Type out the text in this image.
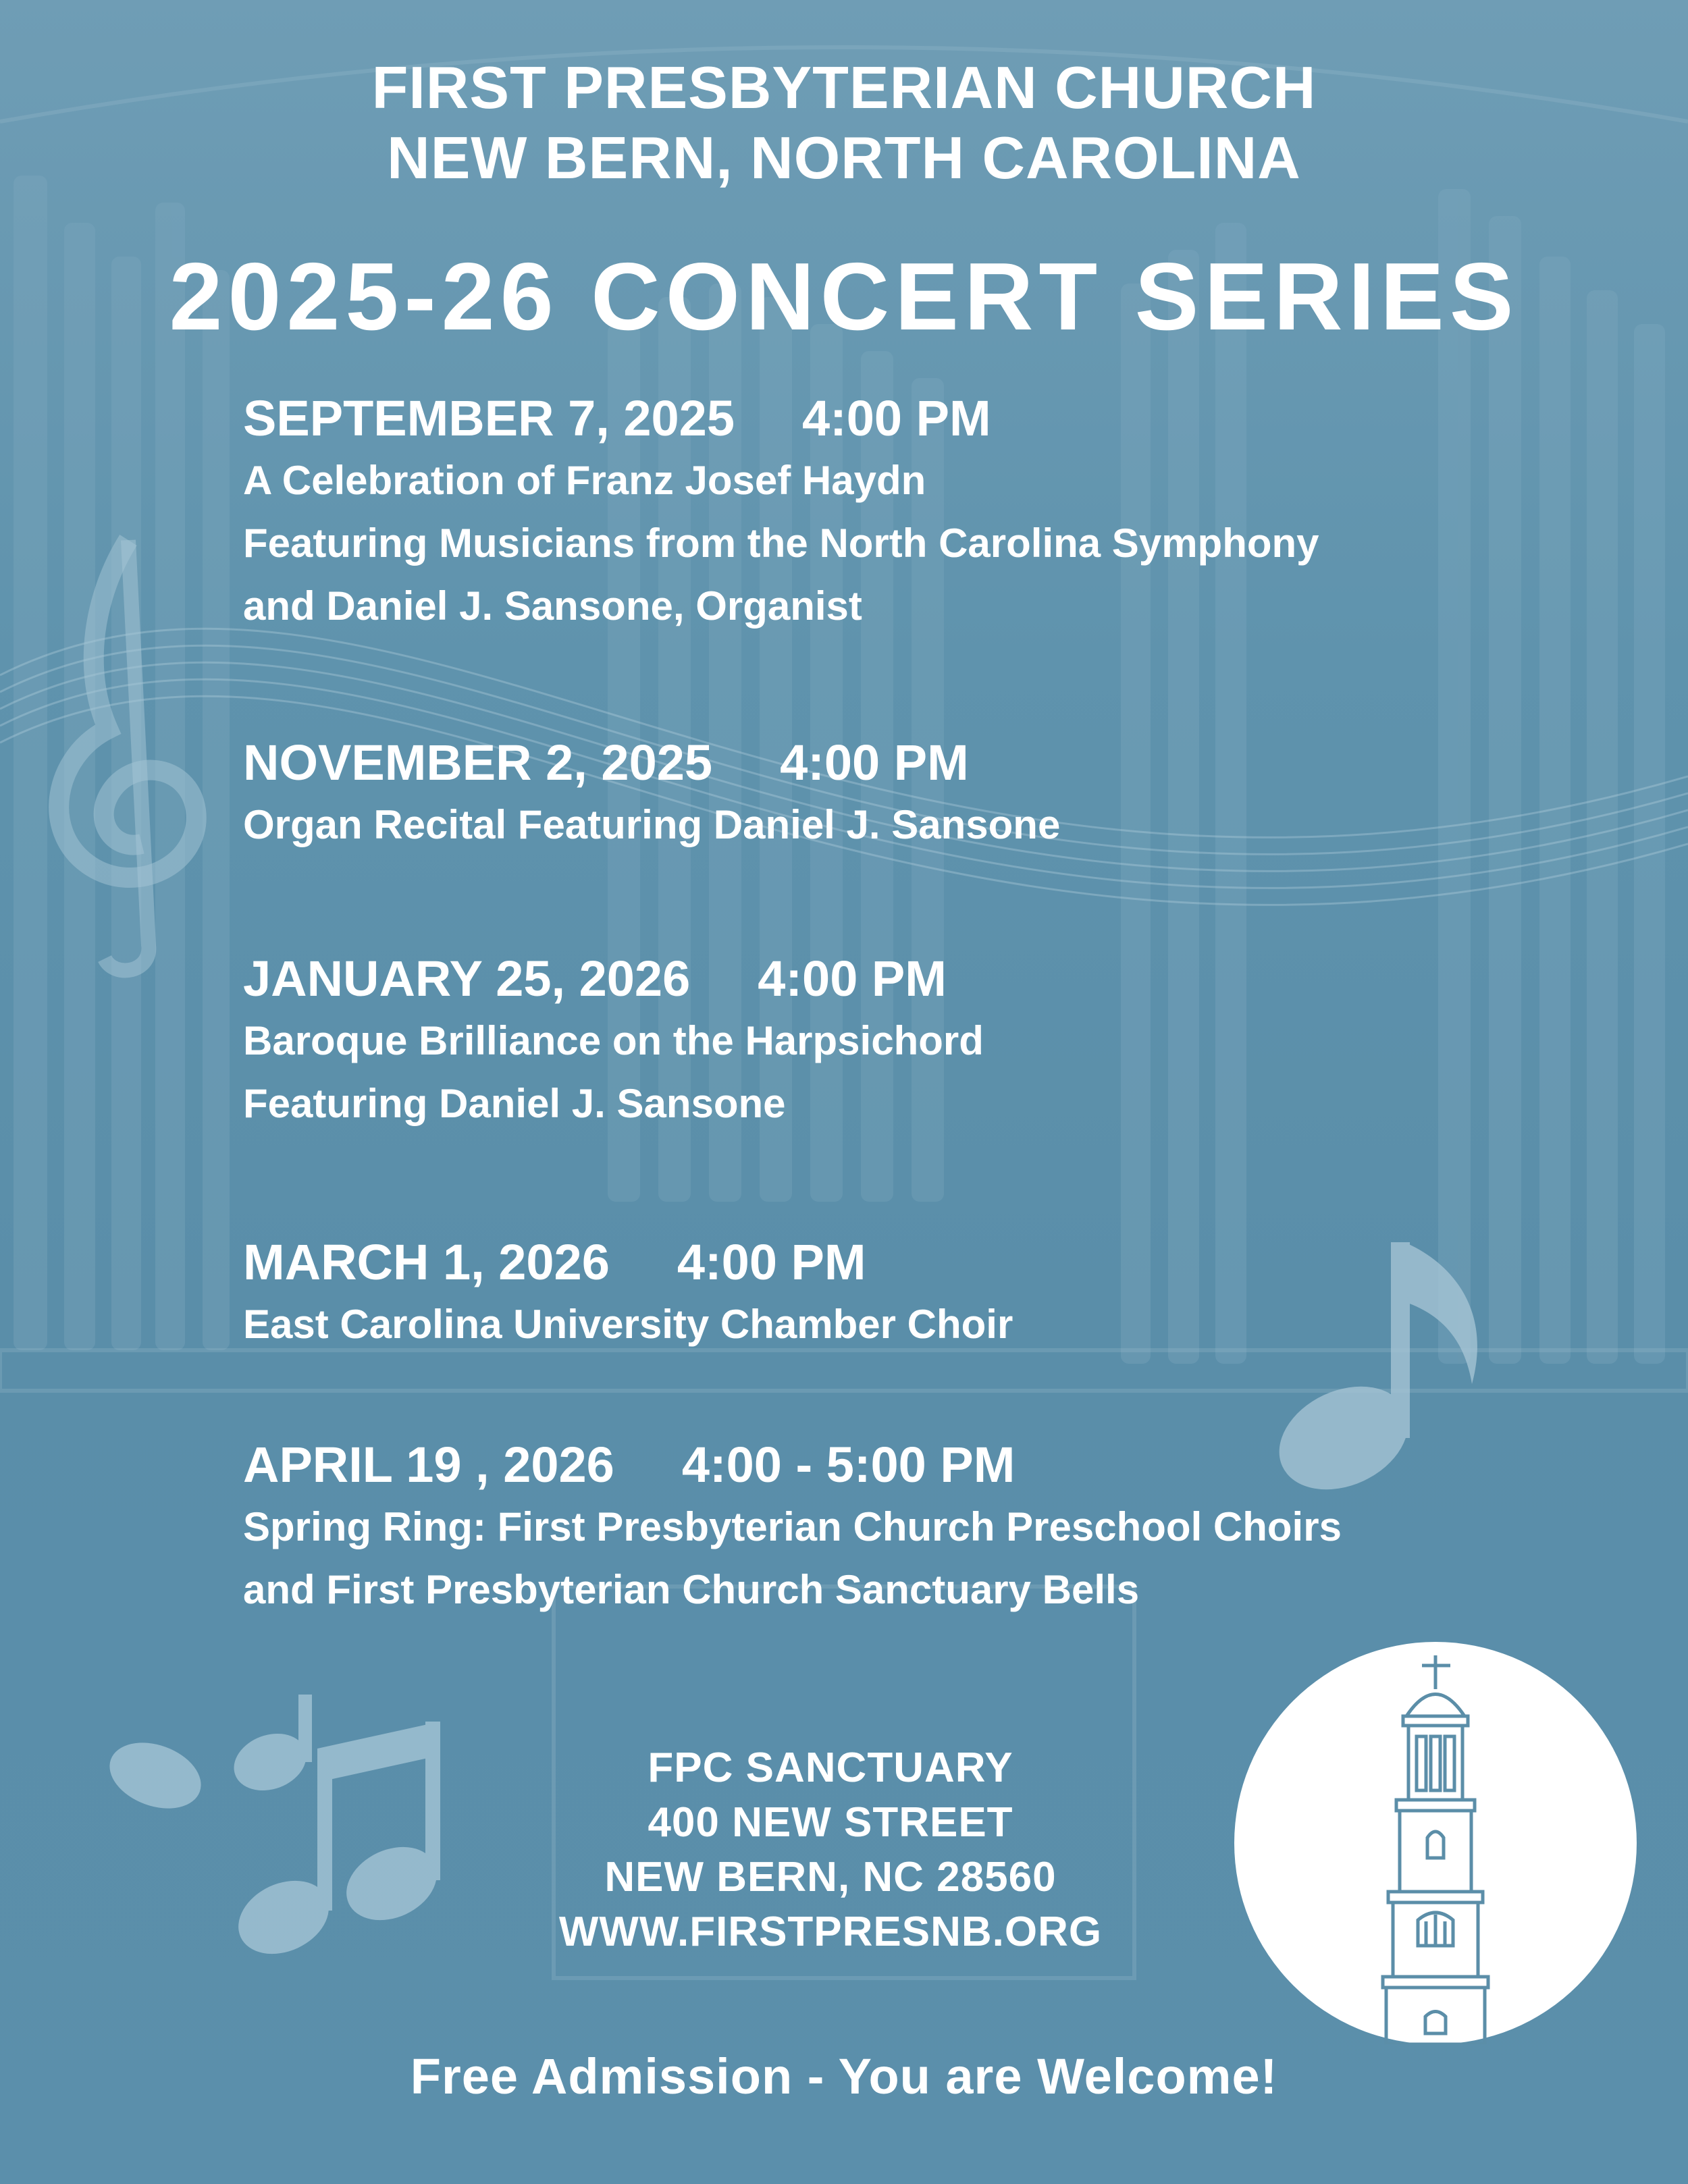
FIRST PRESBYTERIAN CHURCH
NEW BERN, NORTH CAROLINA
2025-26 CONCERT SERIES
SEPTEMBER 7, 2025 4:00 PM
A Celebration of Franz Josef Haydn
Featuring Musicians from the North Carolina Symphony
and Daniel J. Sansone, Organist
NOVEMBER 2, 2025 4:00 PM
Organ Recital Featuring Daniel J. Sansone
JANUARY 25, 2026 4:00 PM
Baroque Brilliance on the Harpsichord
Featuring Daniel J. Sansone
MARCH 1, 2026 4:00 PM
East Carolina University Chamber Choir
APRIL 19 , 2026 4:00 - 5:00 PM
Spring Ring: First Presbyterian Church Preschool Choirs
and First Presbyterian Church Sanctuary Bells
FPC SANCTUARY
400 NEW STREET
NEW BERN, NC 28560
WWW.FIRSTPRESNB.ORG
Free Admission - You are Welcome!
